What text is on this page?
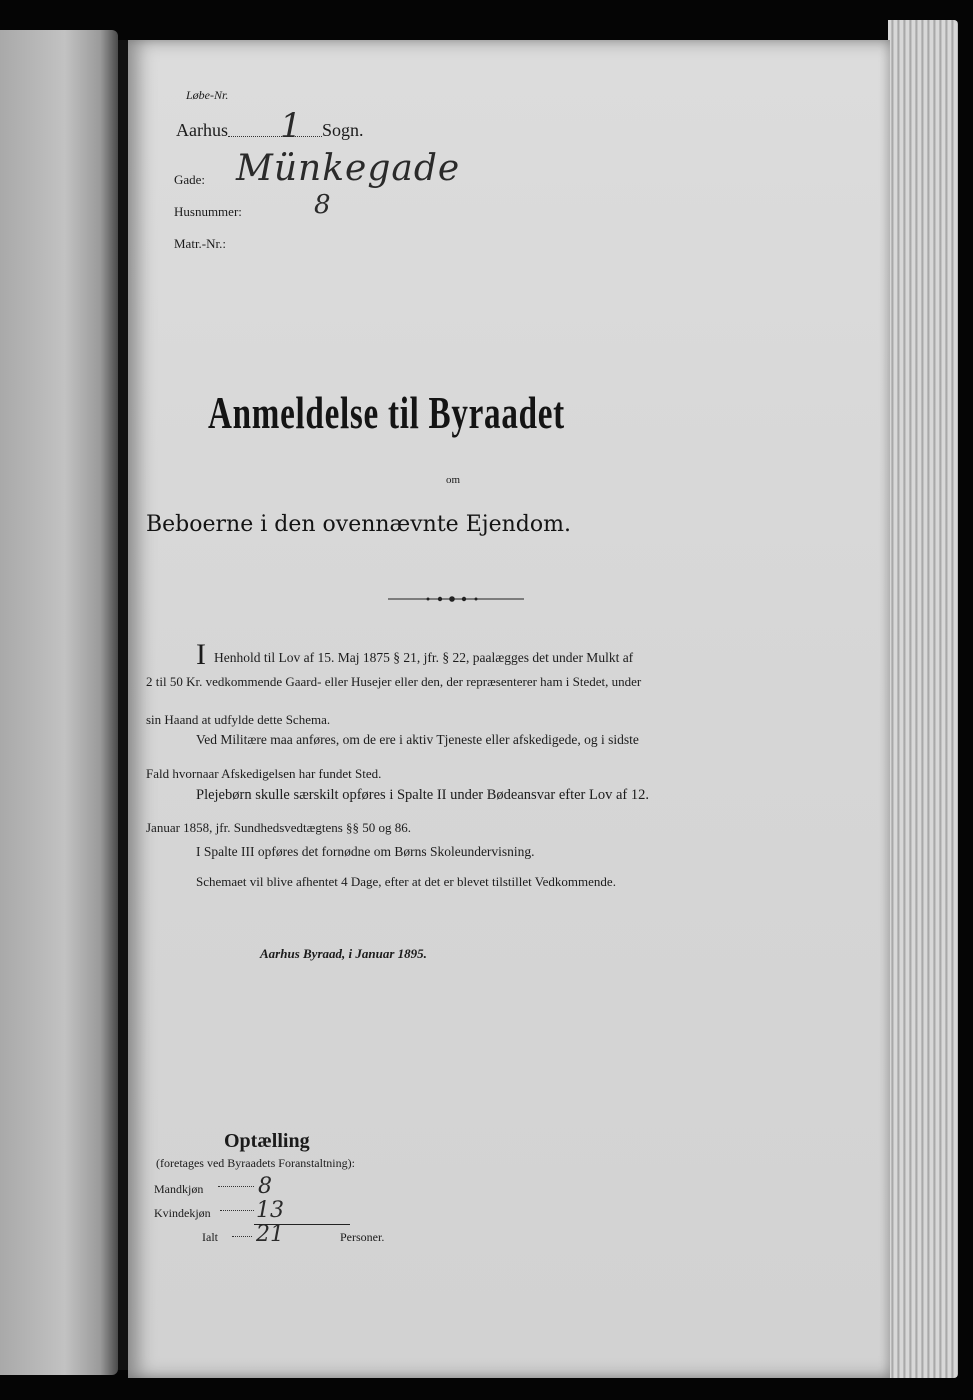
Løbe-Nr.
Aarhus 1 Sogn.
Gade: Münkegade
Husnummer:	8
Matr.-Nr.:
Anmeldelse til Byraadet
om
Beboerne i den ovennævnte Ejendom.
I Henhold til Lov af 15. Maj 1875 § 21, jfr. § 22, paalægges det under Mulkt af
2 til 50 Kr. vedkommende Gaard- eller Husejer eller den, der repræsenterer ham i Stedet, under
sin Haand at udfylde dette Schema.
Ved Militære maa anføres, om de ere i aktiv Tjeneste eller afskedigede, og i sidste
Fald hvornaar Afskedigelsen har fundet Sted.
Plejebørn skulle særskilt opføres i Spalte II under Bødeansvar efter Lov af 12.
Januar 1858, jfr. Sundhedsvedtægtens §§ 50 og 86.
I Spalte III opføres det fornødne om Børns Skoleundervisning.
Schemaet vil blive afhentet 4 Dage, efter at det er blevet tilstillet Vedkommende.
Aarhus Byraad, i Januar 1895.
Optælling
(foretages ved Byraadets Foranstaltning):
Mandkjøn 8
Kvindekjøn 13
Ialt 21	Personer.
